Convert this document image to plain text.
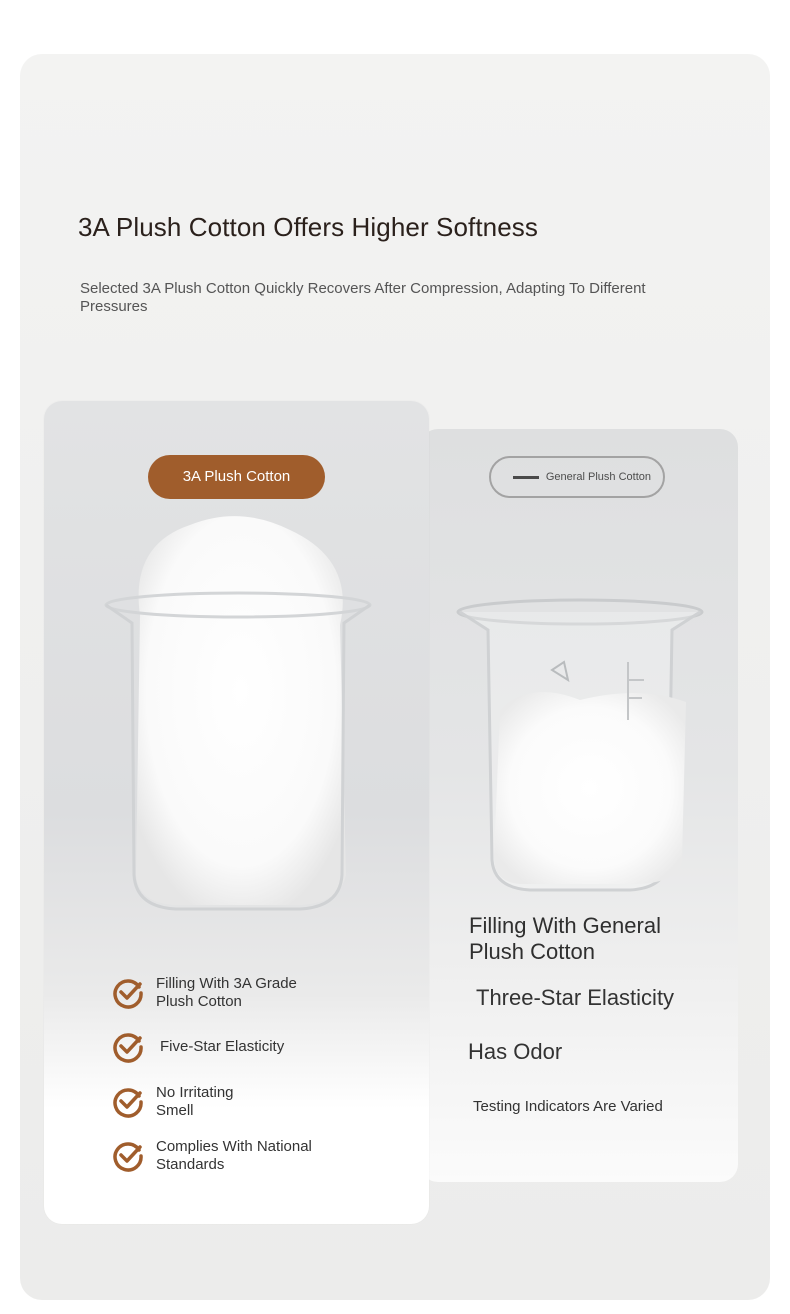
3A Plush Cotton Offers Higher Softness

Selected 3A Plush Cotton Quickly Recovers After Compression, Adapting To Different Pressures

General Plush Cotton
3A Plush Cotton
Filling With 3A Grade Plush Cotton
Five-Star Elasticity
No Irritating Smell
Complies With National Standards
Filling With General Plush Cotton

Three-Star Elasticity

Has Odor

Testing Indicators Are Varied
